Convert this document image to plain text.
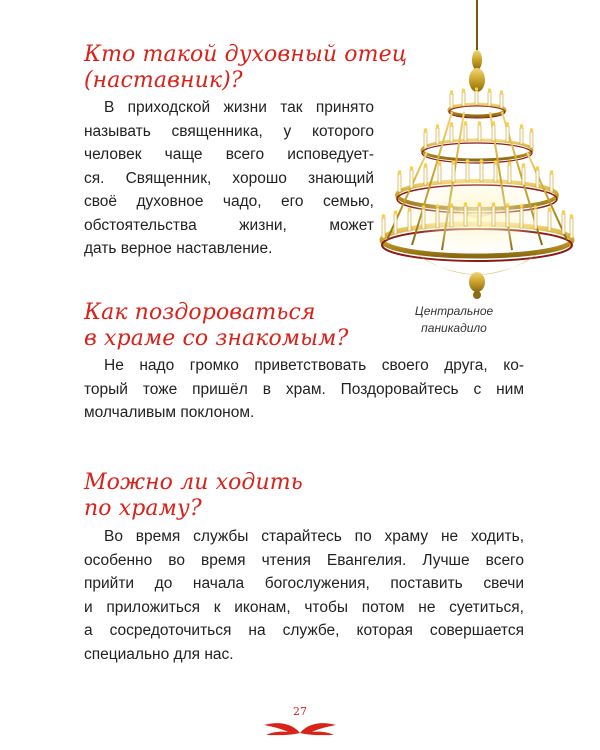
Кто такой духовный отец
(наставник)?
В приходской жизни так принято
называть священника, у которого
человек чаще всего исповедует-
ся. Священник, хорошо знающий
своё духовное чадо, его семью,
обстоятельства жизни, может
дать верное наставление.
Центральное
паникадило
Как поздороваться
в храме со знакомым?
Не надо громко приветствовать своего друга, ко-
торый тоже пришёл в храм. Поздоровайтесь с ним
молчаливым поклоном.
Можно ли ходить
по храму?
Во время службы старайтесь по храму не ходить,
особенно во время чтения Евангелия. Лучше всего
прийти до начала богослужения, поставить свечи
и приложиться к иконам, чтобы потом не суетиться,
а сосредоточиться на службе, которая совершается
специально для нас.
27
